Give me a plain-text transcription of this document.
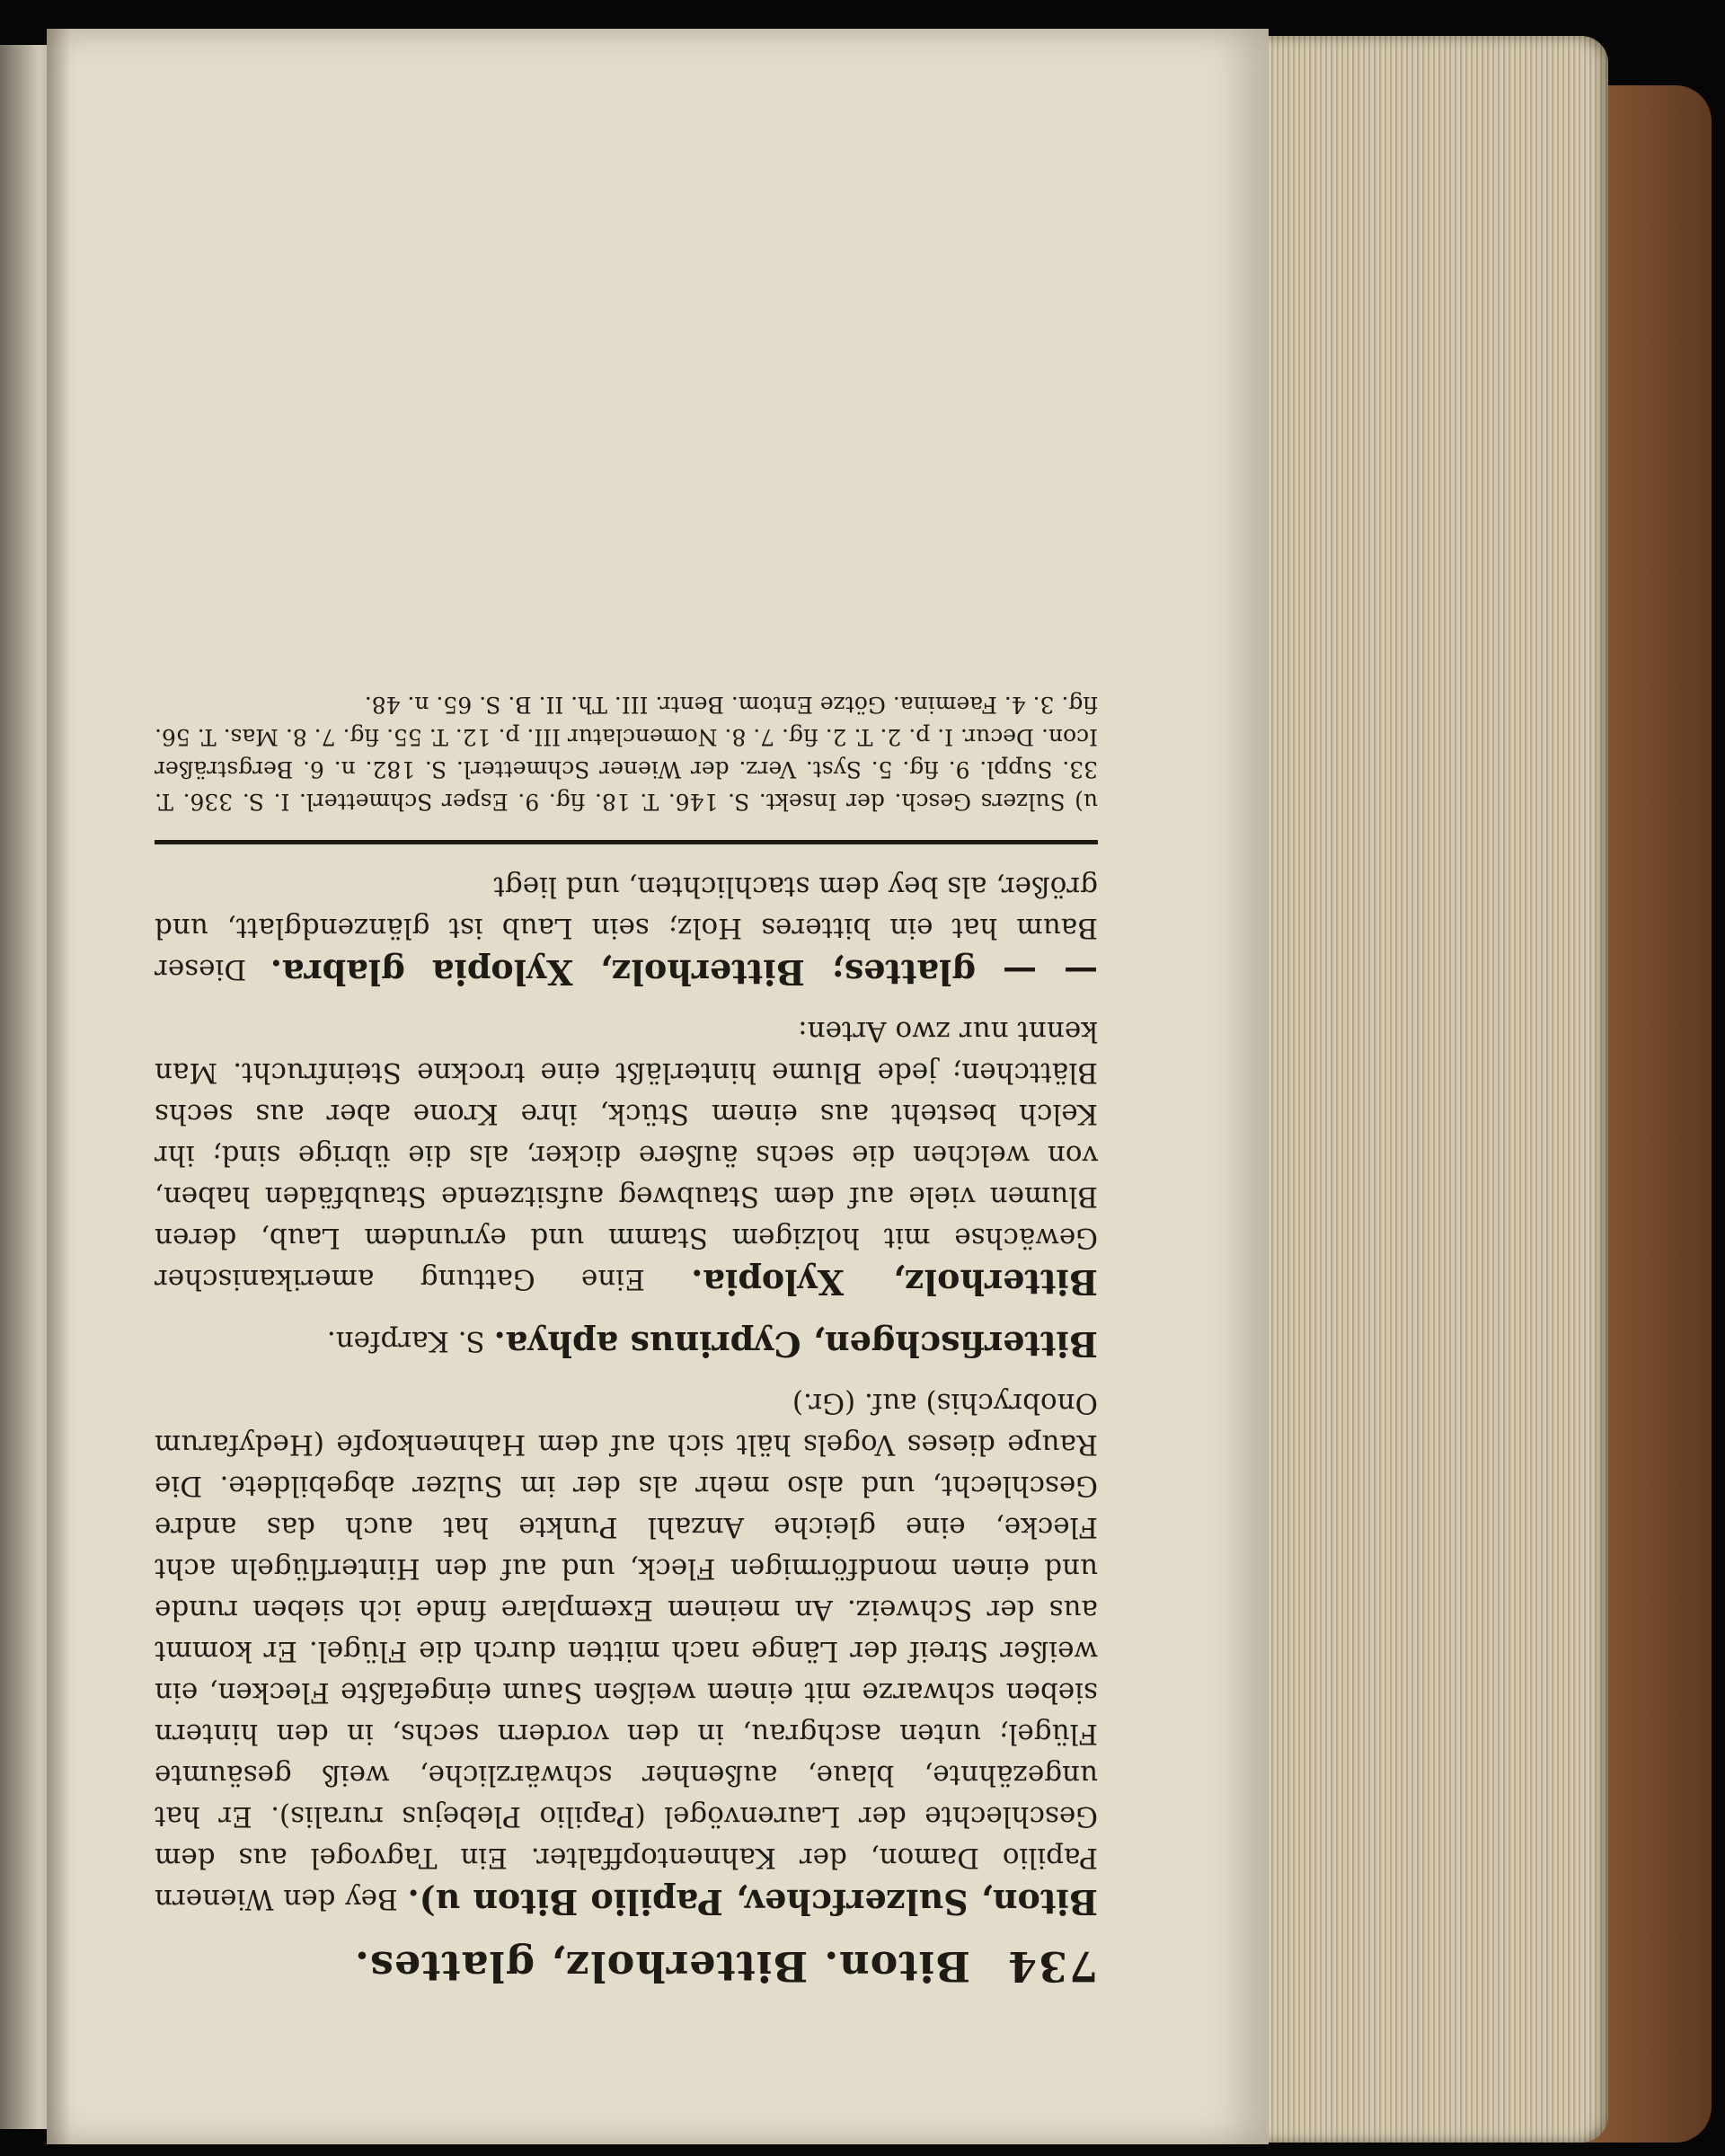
734
Biton. Bitterholz, glattes.

Biton, Sulzerfchev, Papilio Biton u). Bey den Wienern Papilio Damon, der Kahnentopffalter. Ein Tagvogel aus dem Geschlechte der Laurenvögel (Papilio Plebejus ruralis). Er hat ungezähnte, blaue, außenher schwärzliche, weiß gesäumte Flügel; unten aschgrau, in den vordern sechs, in den hintern sieben schwarze mit einem weißen Saum eingefaßte Flecken, ein weißer Streif der Länge nach mitten durch die Flügel. Er kommt aus der Schweiz. An meinem Exemplare finde ich sieben runde und einen mondförmigen Fleck, und auf den Hinterflügeln acht Flecke, eine gleiche Anzahl Punkte hat auch das andre Geschlecht, und also mehr als der im Sulzer abgebildete. Die Raupe dieses Vogels hält sich auf dem Hahnenkopfe (Hedyfarum Onobrychis) auf. (Gr.)

Bitterfischgen, Cyprinus aphya. S. Karpfen.

Bitterholz, Xylopia. Eine Gattung amerikanischer Gewächse mit holzigem Stamm und eyrundem Laub, deren Blumen viele auf dem Staubweg aufsitzende Staubfäden haben, von welchen die sechs äußere dicker, als die übrige sind; ihr Kelch besteht aus einem Stück, ihre Krone aber aus sechs Blättchen; jede Blume hinterläßt eine trockne Steinfrucht. Man kennt nur zwo Arten:

— — glattes; Bitterholz, Xylopia glabra. Dieser Baum hat ein bitteres Holz; sein Laub ist glänzendglatt, und größer, als bey dem stachlichten, und liegt

u) Sulzers Gesch. der Insekt. S. 146. T. 18. fig. 9. Esper Schmetterl. I. S. 336. T. 33. Suppl. 9. fig. 5. Syst. Verz. der Wiener Schmetterl. S. 182. n. 6. Bergsträßer Icon. Decur. I. p. 2. T. 2. fig. 7. 8. Nomenclatur III. p. 12. T. 55. fig. 7. 8. Mas. T. 56. fig. 3. 4. Faemina. Götze Entom. Bentr. III. Th. II. B. S. 65. n. 48.
